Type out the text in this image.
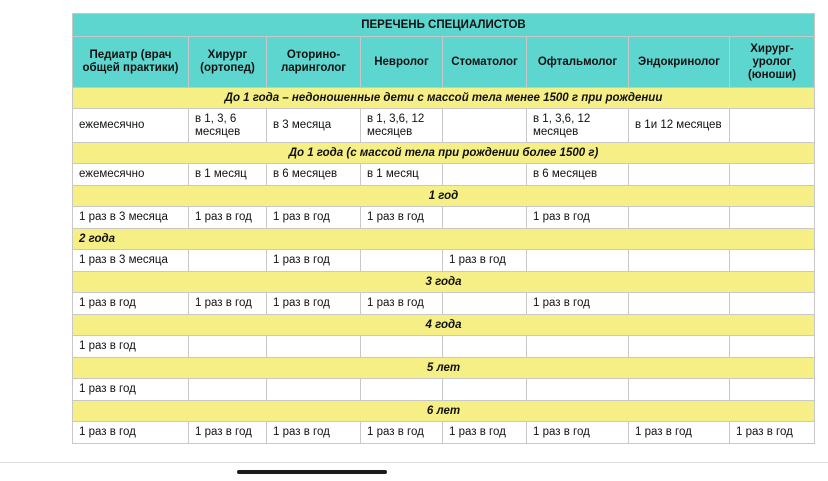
ПЕРЕЧЕНЬ СПЕЦИАЛИСТОВ							
Педиатр (врач общей практики)	Хирург (ортопед)	Оторино-ларинголог	Невролог	Стоматолог	Офтальмолог	Эндокринолог	Хирург-уролог (юноши)
До 1 года – недоношенные дети с массой тела менее 1500 г при рождении							
ежемесячно	в 1, 3, 6 месяцев	в 3 месяца	в 1, 3,6, 12 месяцев		в 1, 3,6, 12 месяцев	в 1и 12 месяцев	
До 1 года (с массой тела при рождении более 1500 г)							
ежемесячно	в 1 месяц	в 6 месяцев	в 1 месяц		в 6 месяцев		
1 год							
1 раз в 3 месяца	1 раз в год	1 раз в год	1 раз в год		1 раз в год		
2 года							
1 раз в 3 месяца		1 раз в год		1 раз в год			
3 года							
1 раз в год	1 раз в год	1 раз в год	1 раз в год		1 раз в год		
4 года							
1 раз в год							
5 лет							
1 раз в год							
6 лет							
1 раз в год	1 раз в год	1 раз в год	1 раз в год	1 раз в год	1 раз в год	1 раз в год	1 раз в год
